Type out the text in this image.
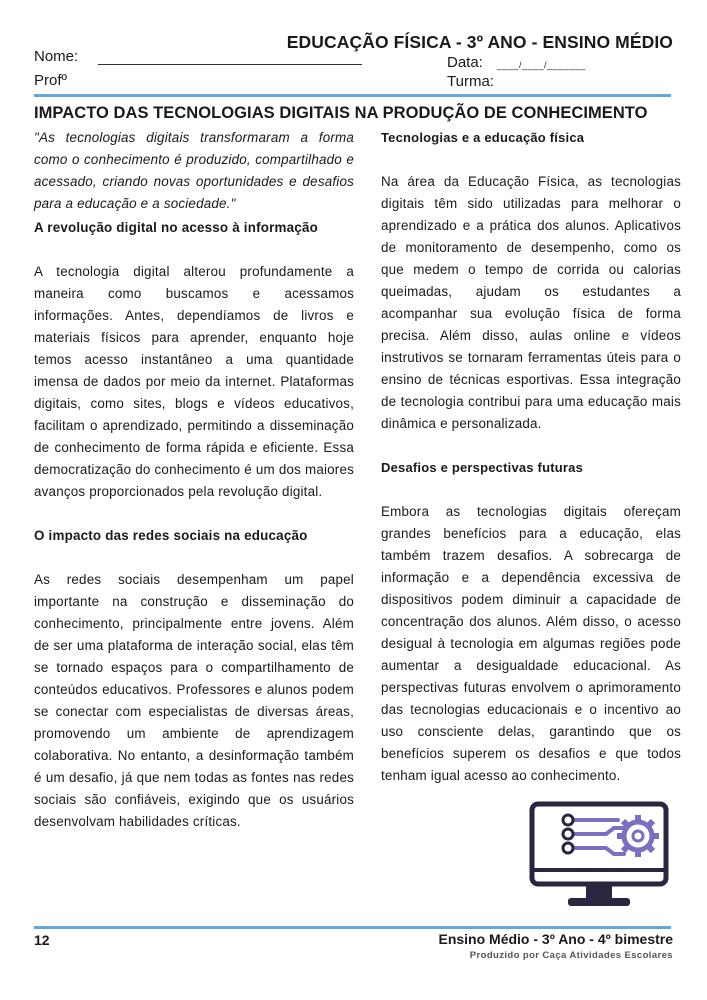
EDUCAÇÃO FÍSICA - 3º ANO - ENSINO MÉDIO
Nome:
Profº
Data: ____/____/_______
Turma:
IMPACTO DAS TECNOLOGIAS DIGITAIS NA PRODUÇÃO DE CONHECIMENTO

"As tecnologias digitais transformaram a forma como o conhecimento é produzido, compartilhado e acessado, criando novas oportunidades e desafios para a educação e a sociedade."

A revolução digital no acesso à informação

A tecnologia digital alterou profundamente a maneira como buscamos e acessamos informações. Antes, dependíamos de livros e materiais físicos para aprender, enquanto hoje temos acesso instantâneo a uma quantidade imensa de dados por meio da internet. Plataformas digitais, como sites, blogs e vídeos educativos, facilitam o aprendizado, permitindo a disseminação de conhecimento de forma rápida e eficiente. Essa democratização do conhecimento é um dos maiores avanços proporcionados pela revolução digital.

O impacto das redes sociais na educação

As redes sociais desempenham um papel importante na construção e disseminação do conhecimento, principalmente entre jovens. Além de ser uma plataforma de interação social, elas têm se tornado espaços para o compartilhamento de conteúdos educativos. Professores e alunos podem se conectar com especialistas de diversas áreas, promovendo um ambiente de aprendizagem colaborativa. No entanto, a desinformação também é um desafio, já que nem todas as fontes nas redes sociais são confiáveis, exigindo que os usuários desenvolvam habilidades críticas.

Tecnologias e a educação física

Na área da Educação Física, as tecnologias digitais têm sido utilizadas para melhorar o aprendizado e a prática dos alunos. Aplicativos de monitoramento de desempenho, como os que medem o tempo de corrida ou calorias queimadas, ajudam os estudantes a acompanhar sua evolução física de forma precisa. Além disso, aulas online e vídeos instrutivos se tornaram ferramentas úteis para o ensino de técnicas esportivas. Essa integração de tecnologia contribui para uma educação mais dinâmica e personalizada.

Desafios e perspectivas futuras

Embora as tecnologias digitais ofereçam grandes benefícios para a educação, elas também trazem desafios. A sobrecarga de informação e a dependência excessiva de dispositivos podem diminuir a capacidade de concentração dos alunos. Além disso, o acesso desigual à tecnologia em algumas regiões pode aumentar a desigualdade educacional. As perspectivas futuras envolvem o aprimoramento das tecnologias educacionais e o incentivo ao uso consciente delas, garantindo que os benefícios superem os desafios e que todos tenham igual acesso ao conhecimento.

12	Ensino Médio - 3º Ano - 4º bimestre
Produzido por Caça Atividades Escolares
